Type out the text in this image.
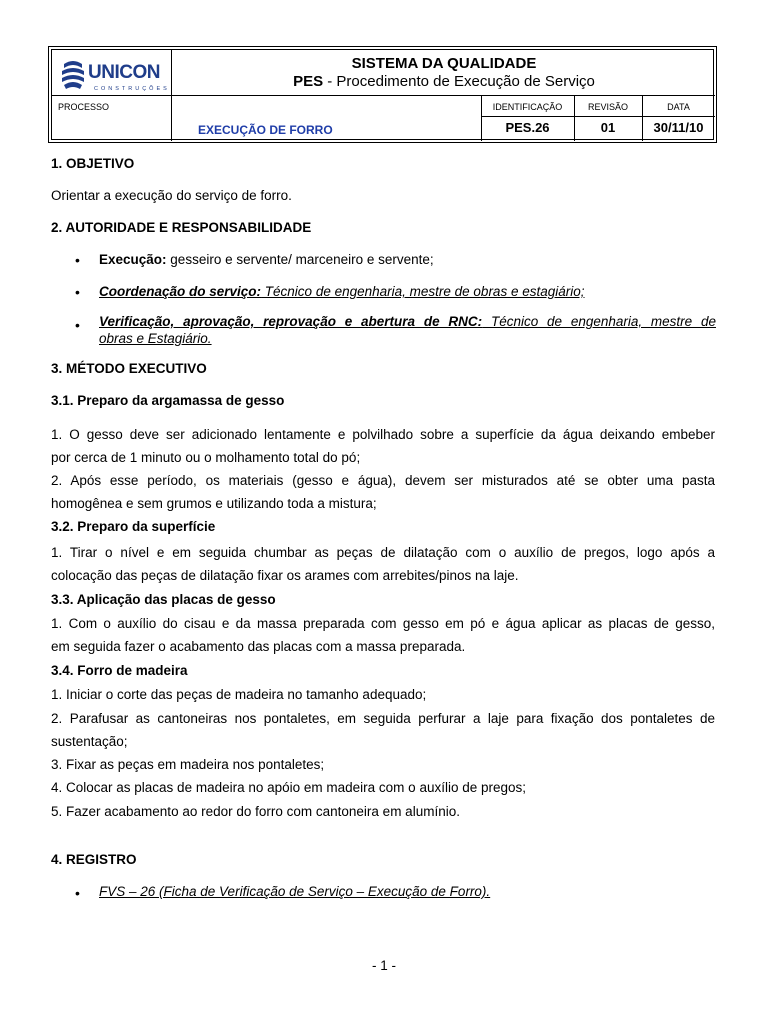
UNICON
CONSTRUÇÕES
SISTEMA DA QUALIDADE
PES - Procedimento de Execução de Serviço
PROCESSO
EXECUÇÃO DE FORRO
IDENTIFICAÇÃO	REVISÃO	DATA
PES.26	01	30/11/10
1. OBJETIVO
Orientar a execução do serviço de forro.
2. AUTORIDADE E RESPONSABILIDADE
• Execução: gesseiro e servente/ marceneiro e servente;
• Coordenação do serviço: Técnico de engenharia, mestre de obras e estagiário;
• Verificação, aprovação, reprovação e abertura de RNC: Técnico de engenharia, mestre de
obras e Estagiário.
3. MÉTODO EXECUTIVO
3.1. Preparo da argamassa de gesso
1. O gesso deve ser adicionado lentamente e polvilhado sobre a superfície da água deixando embeber
por cerca de 1 minuto ou o molhamento total do pó;
2. Após esse período, os materiais (gesso e água), devem ser misturados até se obter uma pasta
homogênea e sem grumos e utilizando toda a mistura;
3.2. Preparo da superfície
1. Tirar o nível e em seguida chumbar as peças de dilatação com o auxílio de pregos, logo após a
colocação das peças de dilatação fixar os arames com arrebites/pinos na laje.
3.3. Aplicação das placas de gesso
1. Com o auxílio do cisau e da massa preparada com gesso em pó e água aplicar as placas de gesso,
em seguida fazer o acabamento das placas com a massa preparada.
3.4. Forro de madeira
1. Iniciar o corte das peças de madeira no tamanho adequado;
2. Parafusar as cantoneiras nos pontaletes, em seguida perfurar a laje para fixação dos pontaletes de
sustentação;
3. Fixar as peças em madeira nos pontaletes;
4. Colocar as placas de madeira no apóio em madeira com o auxílio de pregos;
5. Fazer acabamento ao redor do forro com cantoneira em alumínio.
4. REGISTRO
• FVS – 26 (Ficha de Verificação de Serviço – Execução de Forro).
- 1 -
